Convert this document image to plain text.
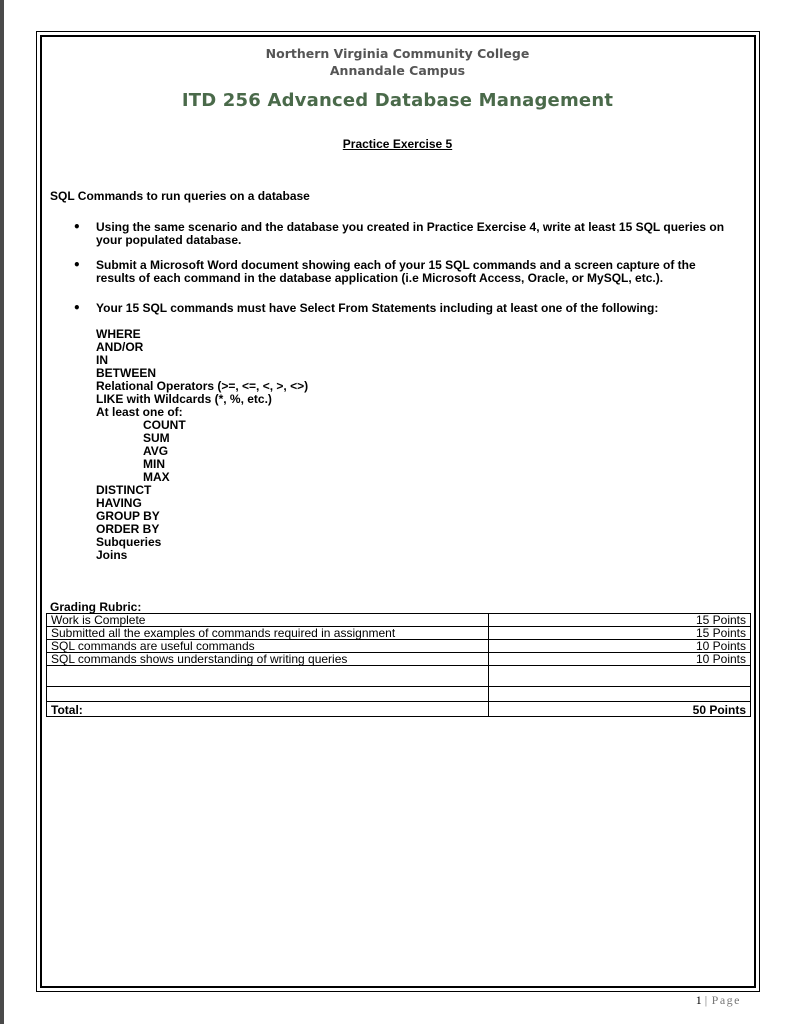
Northern Virginia Community College
Annandale Campus
ITD 256 Advanced Database Management
Practice Exercise 5
SQL Commands to run queries on a database
• Using the same scenario and the database you created in Practice Exercise 4, write at least 15 SQL queries on
your populated database.
• Submit a Microsoft Word document showing each of your 15 SQL commands and a screen capture of the
results of each command in the database application (i.e Microsoft Access, Oracle, or MySQL, etc.).
• Your 15 SQL commands must have Select From Statements including at least one of the following:
WHERE
AND/OR
IN
BETWEEN
Relational Operators (>=, <=, <, >, <>)
LIKE with Wildcards (*, %, etc.)
At least one of:
COUNT
SUM
AVG
MIN
MAX
DISTINCT
HAVING
GROUP BY
ORDER BY
Subqueries
Joins
Grading Rubric:
Work is Complete	15 Points
Submitted all the examples of commands required in assignment	15 Points
SQL commands are useful commands	10 Points
SQL commands shows understanding of writing queries	10 Points

Total:	50 Points
1 | Page
